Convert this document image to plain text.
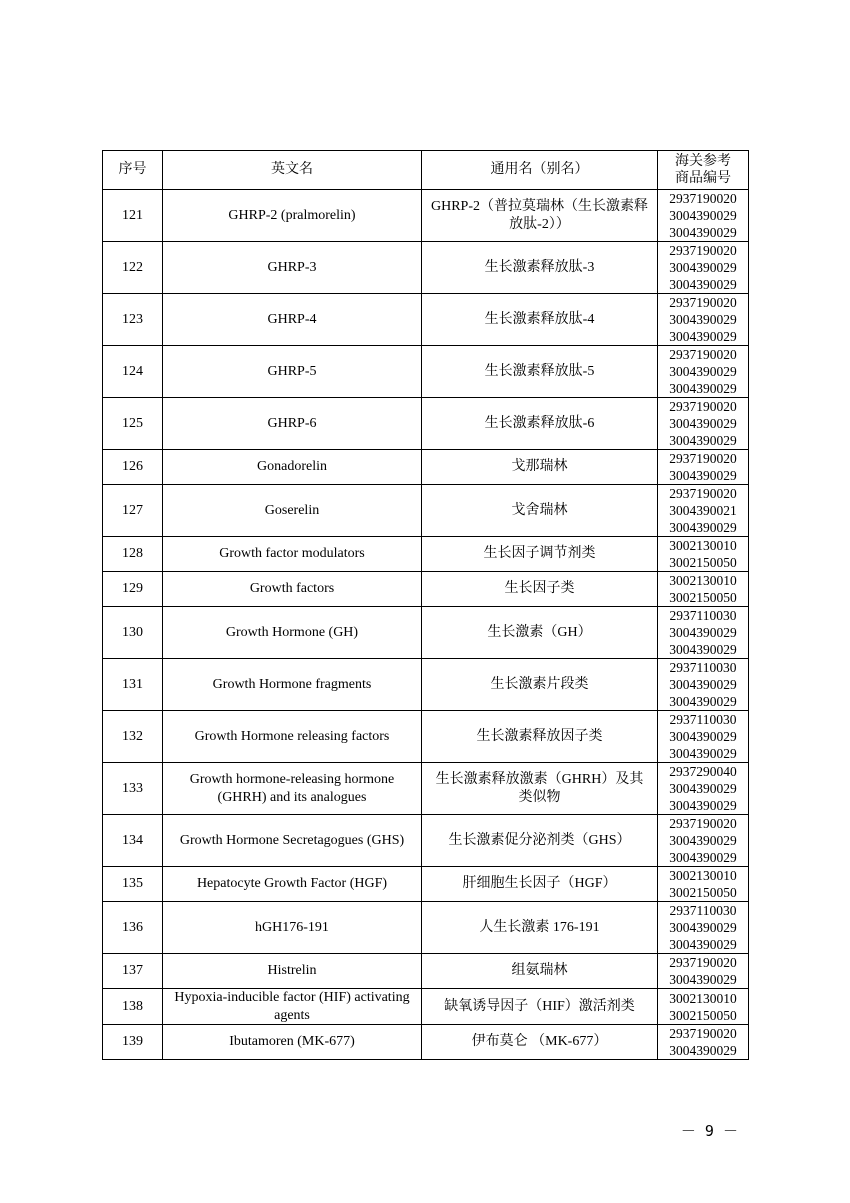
序号	英文名	通用名（别名）	海关参考
商品编号

121	GHRP-2 (pralmorelin)	GHRP-2（普拉莫瑞林（生长激素释放肽-2））	2937190020
3004390029
3004390029

122	GHRP-3	生长激素释放肽-3	2937190020
3004390029
3004390029

123	GHRP-4	生长激素释放肽-4	2937190020
3004390029
3004390029

124	GHRP-5	生长激素释放肽-5	2937190020
3004390029
3004390029

125	GHRP-6	生长激素释放肽-6	2937190020
3004390029
3004390029

126	Gonadorelin	戈那瑞林	2937190020
3004390029

127	Goserelin	戈舍瑞林	2937190020
3004390021
3004390029

128	Growth factor modulators	生长因子调节剂类	3002130010
3002150050

129	Growth factors	生长因子类	3002130010
3002150050

130	Growth Hormone (GH)	生长激素（GH）	2937110030
3004390029
3004390029

131	Growth Hormone fragments	生长激素片段类	2937110030
3004390029
3004390029

132	Growth Hormone releasing factors	生长激素释放因子类	2937110030
3004390029
3004390029

133	Growth hormone-releasing hormone (GHRH) and its analogues	生长激素释放激素（GHRH）及其类似物	2937290040
3004390029
3004390029

134	Growth Hormone Secretagogues (GHS)	生长激素促分泌剂类（GHS）	2937190020
3004390029
3004390029

135	Hepatocyte Growth Factor (HGF)	肝细胞生长因子（HGF）	3002130010
3002150050

136	hGH176-191	人生长激素 176-191	2937110030
3004390029
3004390029

137	Histrelin	组氨瑞林	2937190020
3004390029

138	Hypoxia-inducible factor (HIF) activating agents	缺氧诱导因子（HIF）激活剂类	3002130010
3002150050

139	Ibutamoren (MK-677)	伊布莫仑 （MK-677）	2937190020
3004390029
－ 9 －
